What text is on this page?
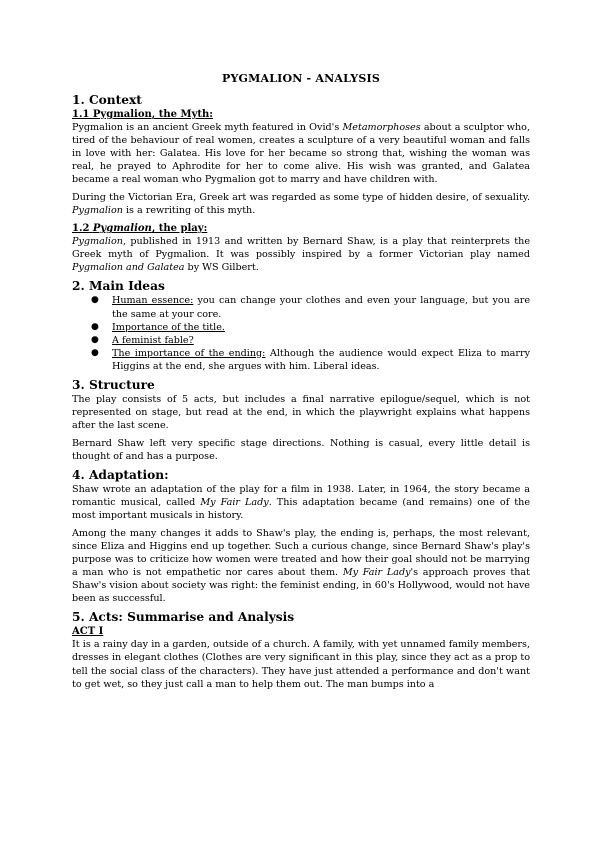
PYGMALION - ANALYSIS
1. Context
1.1 Pygmalion, the Myth:

Pygmalion is an ancient Greek myth featured in Ovid's Metamorphoses about a sculptor who, tired of the behaviour of real women, creates a sculpture of a very beautiful woman and falls in love with her: Galatea. His love for her became so strong that, wishing the woman was real, he prayed to Aphrodite for her to come alive. His wish was granted, and Galatea became a real woman who Pygmalion got to marry and have children with.

During the Victorian Era, Greek art was regarded as some type of hidden desire, of sexuality. Pygmalion is a rewriting of this myth.

1.2 Pygmalion, the play:

Pygmalion, published in 1913 and written by Bernard Shaw, is a play that reinterprets the Greek myth of Pygmalion. It was possibly inspired by a former Victorian play named Pygmalion and Galatea by WS Gilbert.

2. Main Ideas
● Human essence: you can change your clothes and even your language, but you are the same at your core.
● Importance of the title.
● A feminist fable?
● The importance of the ending: Although the audience would expect Eliza to marry Higgins at the end, she argues with him. Liberal ideas.
3. Structure

The play consists of 5 acts, but includes a final narrative epilogue/sequel, which is not represented on stage, but read at the end, in which the playwright explains what happens after the last scene.

Bernard Shaw left very specific stage directions. Nothing is casual, every little detail is thought of and has a purpose.

4. Adaptation:

Shaw wrote an adaptation of the play for a film in 1938. Later, in 1964, the story became a romantic musical, called My Fair Lady. This adaptation became (and remains) one of the most important musicals in history.

Among the many changes it adds to Shaw's play, the ending is, perhaps, the most relevant, since Eliza and Higgins end up together. Such a curious change, since Bernard Shaw's play's purpose was to criticize how women were treated and how their goal should not be marrying a man who is not empathetic nor cares about them. My Fair Lady's approach proves that Shaw's vision about society was right: the feminist ending, in 60's Hollywood, would not have been as successful.

5. Acts: Summarise and Analysis
ACT I

It is a rainy day in a garden, outside of a church. A family, with yet unnamed family members, dresses in elegant clothes (Clothes are very significant in this play, since they act as a prop to tell the social class of the characters). They have just attended a performance and don't want to get wet, so they just call a man to help them out. The man bumps into a
